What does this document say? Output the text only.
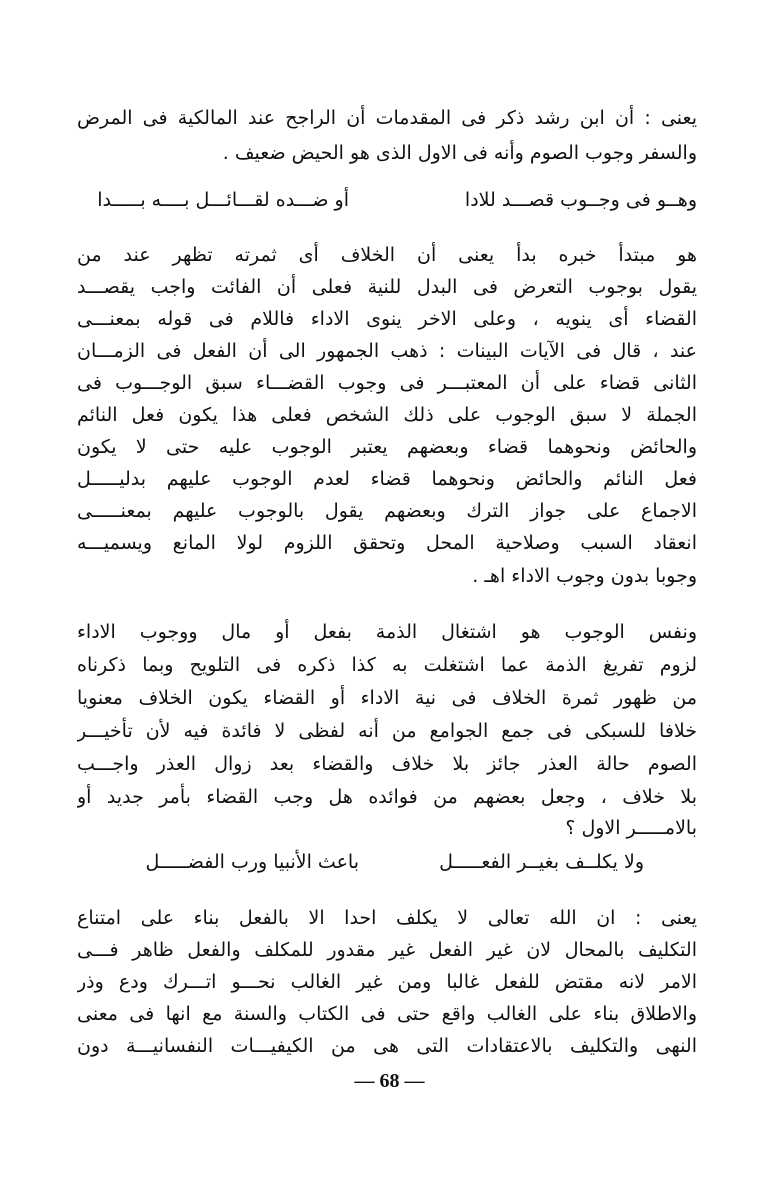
يعنى : أن ابن رشد ذكر فى المقدمات أن الراجح عند المالكية فى المرض
والسفر وجوب الصوم وأنه فى الاول الذى هو الحيض ضعيف .
وهــو فى وجــوب قصـــد للادا
أو ضـــده لقـــائـــل بــــه بـــــدا
هو مبتدأ خبره بدأ يعنى أن الخلاف أى ثمرته تظهر عند من
يقول بوجوب التعرض فى البدل للنية فعلى أن الفائت واجب يقصـــد
القضاء أى ينويه ، وعلى الاخر ينوى الاداء فاللام فى قوله بمعنـــى
عند ، قال فى الآيات البينات : ذهب الجمهور الى أن الفعل فى الزمـــان
الثانى قضاء على أن المعتبـــر فى وجوب القضـــاء سبق الوجـــوب فى
الجملة لا سبق الوجوب على ذلك الشخص فعلى هذا يكون فعل النائم
والحائض ونحوهما قضاء وبعضهم يعتبر الوجوب عليه حتى لا يكون
فعل النائم والحائض ونحوهما قضاء لعدم الوجوب عليهم بدليـــــل
الاجماع على جواز الترك وبعضهم يقول بالوجوب عليهم بمعنـــــى
انعقاد السبب وصلاحية المحل وتحقق اللزوم لولا المانع ويسميـــه
وجوبا بدون وجوب الاداء اهـ .
ونفس الوجوب هو اشتغال الذمة بفعل أو مال ووجوب الاداء
لزوم تفريغ الذمة عما اشتغلت به كذا ذكره فى التلويح وبما ذكرناه
من ظهور ثمرة الخلاف فى نية الاداء أو القضاء يكون الخلاف معنويا
خلافا للسبكى فى جمع الجوامع من أنه لفظى لا فائدة فيه لأن تأخيـــر
الصوم حالة العذر جائز بلا خلاف والقضاء بعد زوال العذر واجـــب
بلا خلاف ، وجعل بعضهم من فوائده هل وجب القضاء بأمر جديد أو
بالامـــــر الاول ؟
ولا يكلــف بغيــر الفعـــــل
باعث الأنبيا ورب الفضـــــل
يعنى : ان الله تعالى لا يكلف احدا الا بالفعل بناء على امتناع
التكليف بالمحال لان غير الفعل غير مقدور للمكلف والفعل ظاهر فـــى
الامر لانه مقتض للفعل غالبا ومن غير الغالب نحـــو اتـــرك ودع وذر
والاطلاق بناء على الغالب واقع حتى فى الكتاب والسنة مع انها فى معنى
النهى والتكليف بالاعتقادات التى هى من الكيفيـــات النفسانيـــة دون
— 68 —
